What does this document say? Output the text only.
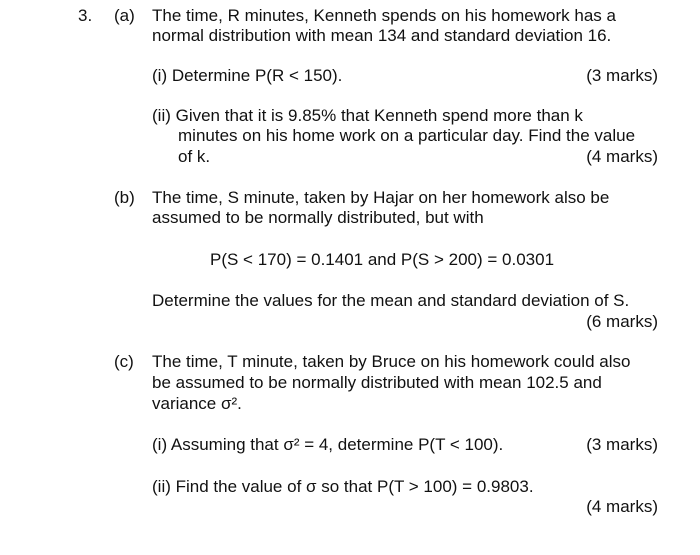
3. (a) The time, R minutes, Kenneth spends on his homework has a
normal distribution with mean 134 and standard deviation 16.
(i) Determine P(R < 150).	(3 marks)
(ii) Given that it is 9.85% that Kenneth spend more than k
minutes on his home work on a particular day. Find the value
of k.	(4 marks)
(b) The time, S minute, taken by Hajar on her homework also be
assumed to be normally distributed, but with
P(S < 170) = 0.1401 and P(S > 200) = 0.0301
Determine the values for the mean and standard deviation of S.
(6 marks)
(c) The time, T minute, taken by Bruce on his homework could also
be assumed to be normally distributed with mean 102.5 and
variance σ².
(i) Assuming that σ² = 4, determine P(T < 100).	(3 marks)
(ii) Find the value of σ so that P(T > 100) = 0.9803.
(4 marks)
